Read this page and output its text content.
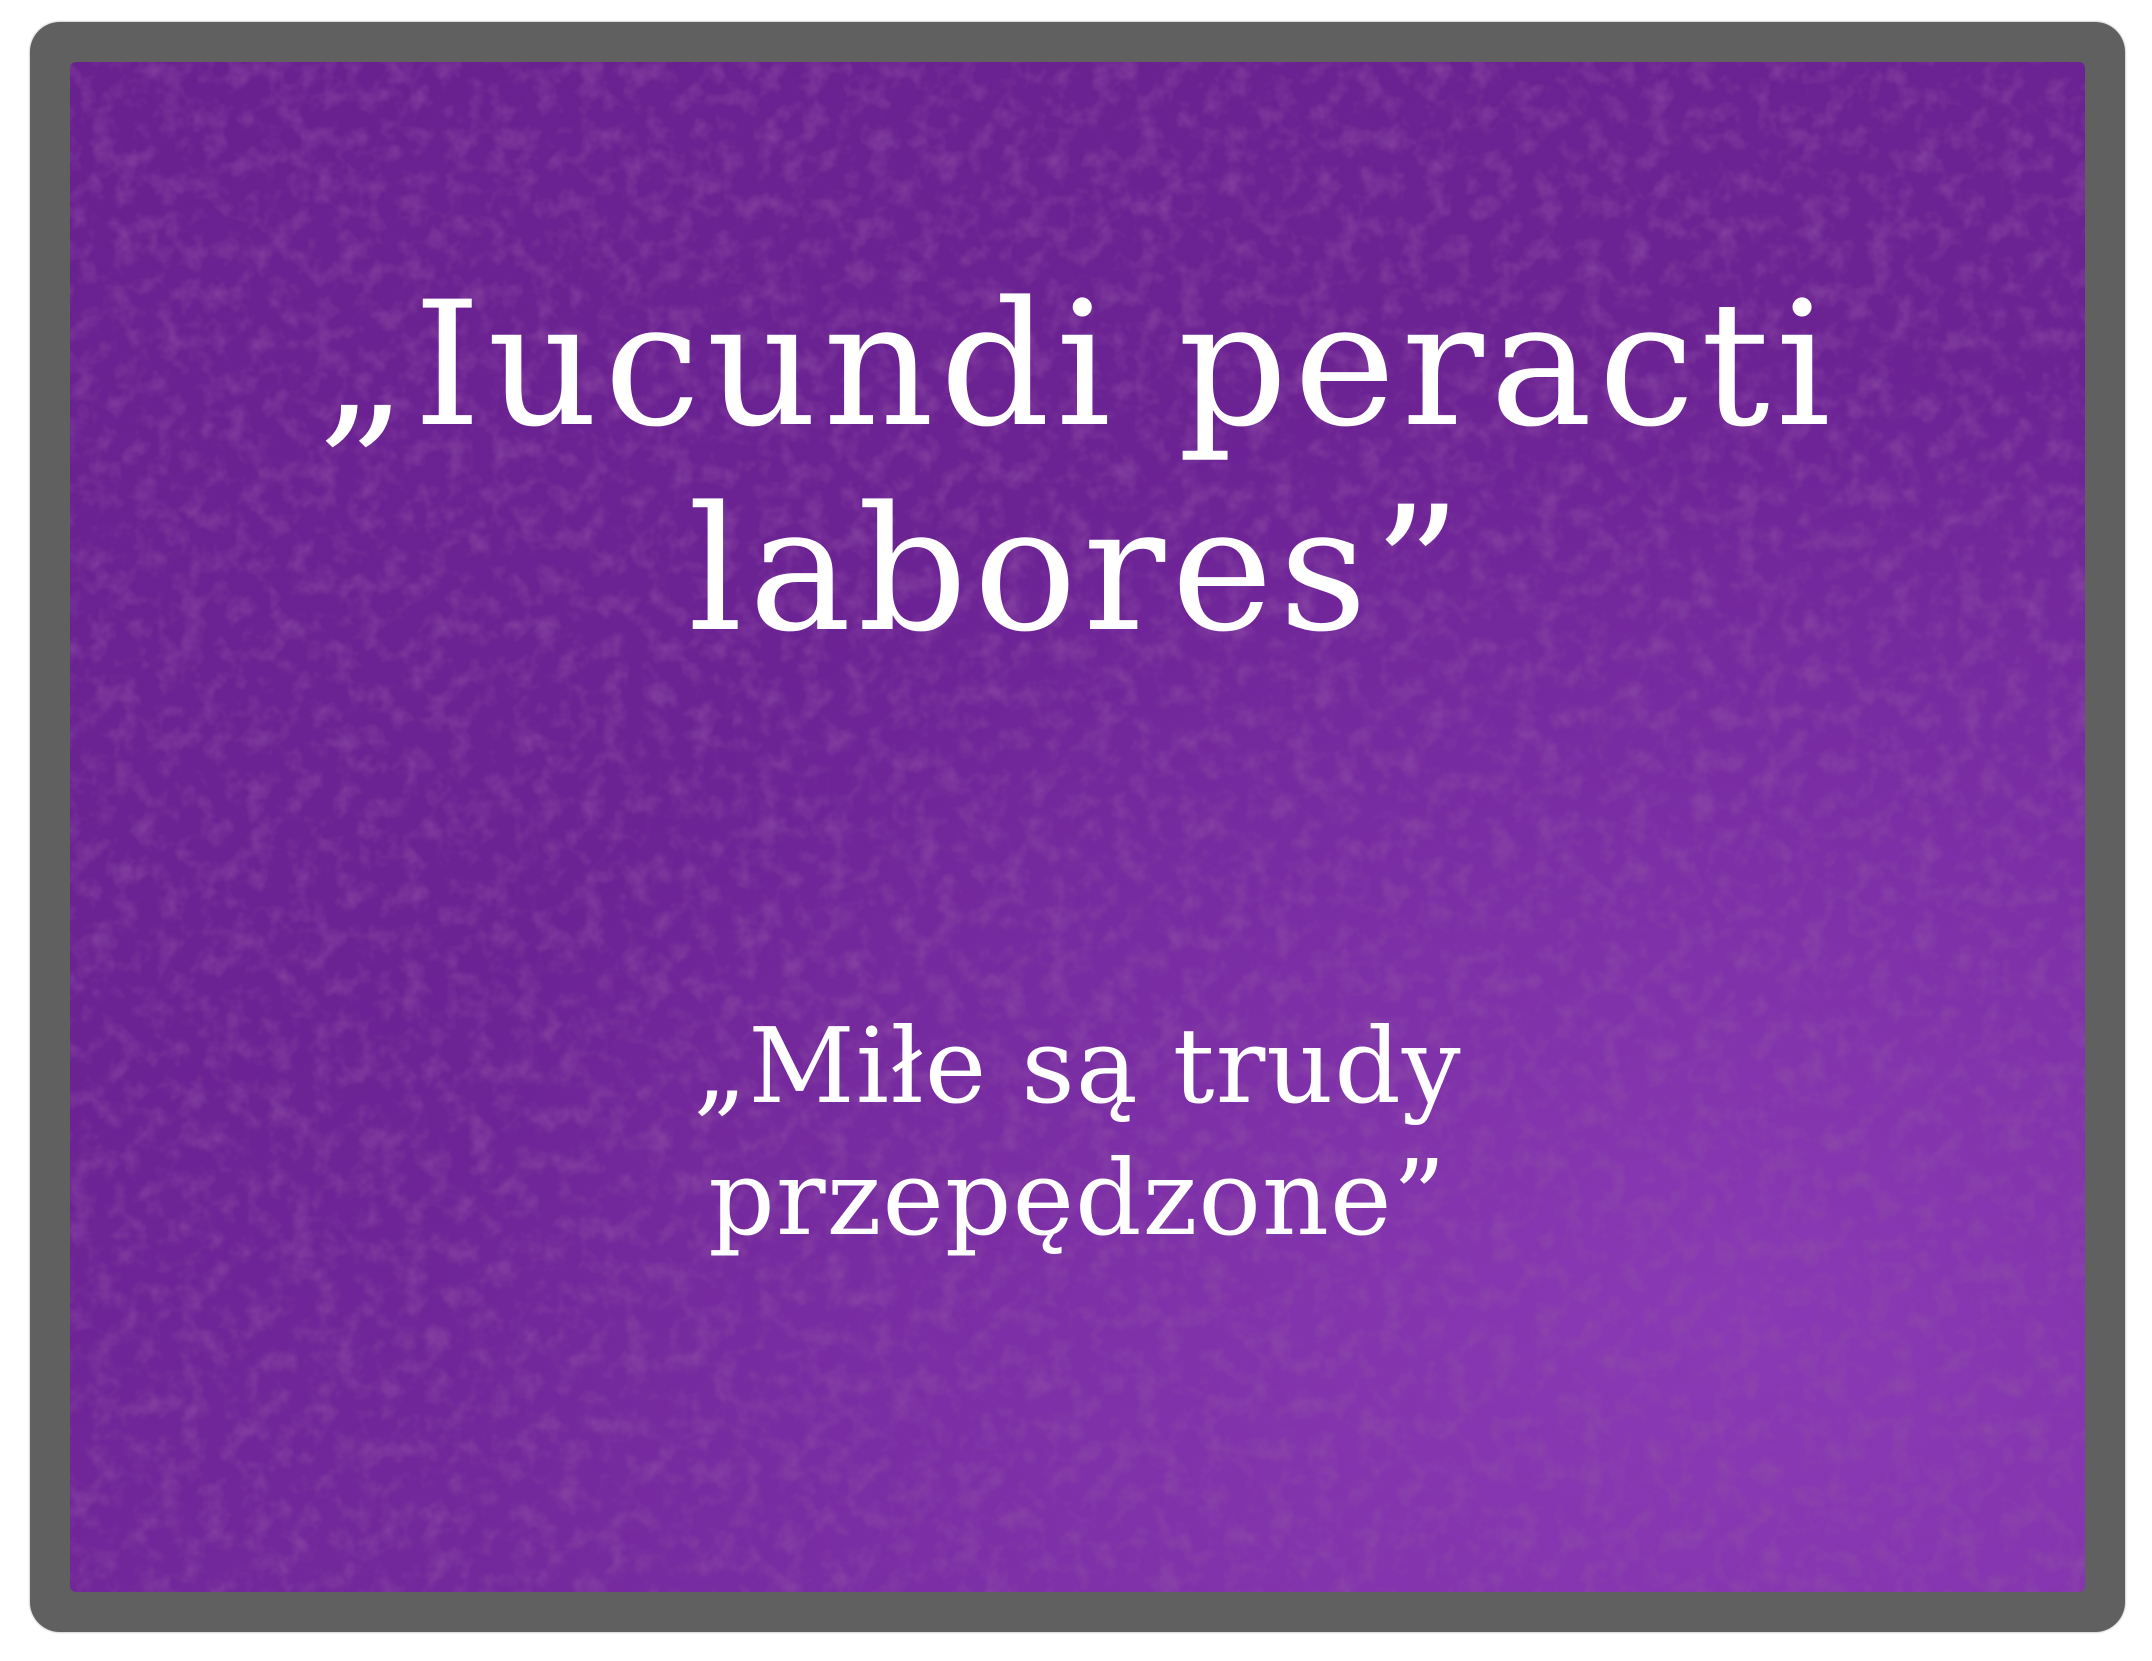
„Iucundi peracti
labores”
„Miłe są trudy
przepędzone”
